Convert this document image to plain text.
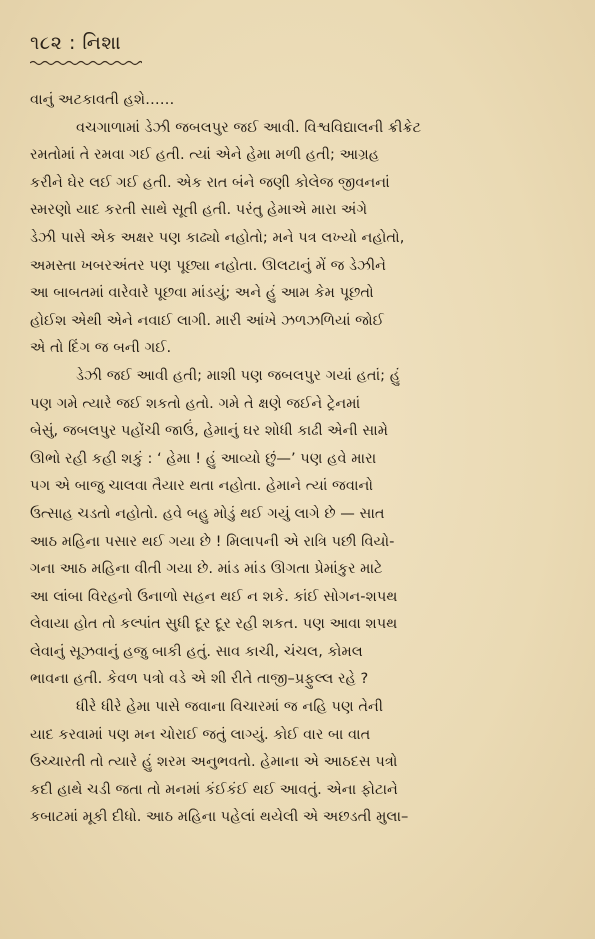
૧૮૨ : નિશા
વાનું અટકાવતી હશે……
વચગાળામાં ડેઝી જબલપુર જઈ આવી. વિશ્વવિદ્યાલની ક્રીક્રેટ
રમતોમાં તે રમવા ગઈ હતી. ત્યાં એને હેમા મળી હતી; આગ્રહ
કરીને ઘેર લઈ ગઈ હતી. એક રાત બંને જણી કોલેજ જીવનનાં
સ્મરણો યાદ કરતી સાથે સૂતી હતી. પરંતુ હેમાએ મારા અંગે
ડેઝી પાસે એક અક્ષર પણ કાઢ્યો નહોતો; મને પત્ર લખ્યો નહોતો,
અમસ્તા ખબરઅંતર પણ પૂછ્યા નહોતા. ઊલટાનું મેં જ ડેઝીને
આ બાબતમાં વારેવારે પૂછવા માંડયું; અને હું આમ કેમ પૂછતો
હોઈશ એથી એને નવાઈ લાગી. મારી આંખે ઝળઝળિયાં જોઈ
એ તો દિંગ જ બની ગઈ.
ડેઝી જઈ આવી હતી; માશી પણ જબલપુર ગયાં હતાં; હું
પણ ગમે ત્યારે જઈ શકતો હતો. ગમે તે ક્ષણે જઈને ટ્રેનમાં
બેસું, જબલપુર પહોંચી જાઉં, હેમાનું ઘર શોધી કાઢી એની સામે
ઊભો રહી કહી શકું : ‘ હેમા ! હું આવ્યો છું—’ પણ હવે મારા
પગ એ બાજુ ચાલવા તૈયાર થતા નહોતા. હેમાને ત્યાં જવાનો
ઉત્સાહ ચડતો નહોતો. હવે બહુ મોડું થઈ ગયું લાગે છે — સાત
આઠ મહિના પસાર થઈ ગયા છે ! મિલાપની એ રાત્રિ પછી વિયો-
ગના આઠ મહિના વીતી ગયા છે. માંડ માંડ ઊગતા પ્રેમાંકુર માટે
આ લાંબા વિરહનો ઉનાળો સહન થઈ ન શકે. કાંઈ સોગન-શપથ
લેવાયા હોત તો કલ્પાંત સુધી દૂર દૂર રહી શકત. પણ આવા શપથ
લેવાનું સૂઝવાનું હજુ બાકી હતું. સાવ કાચી, ચંચલ, કોમલ
ભાવના હતી. કેવળ પત્રો વડે એ શી રીતે તાજી–પ્રફુલ્લ રહે ?
ધીરે ધીરે હેમા પાસે જવાના વિચારમાં જ નહિ પણ તેની
યાદ કરવામાં પણ મન ચોરાઈ જતું લાગ્યું. કોઈ વાર બા વાત
ઉચ્ચારતી તો ત્યારે હું શરમ અનુભવતો. હેમાના એ આઠદસ પત્રો
કદી હાથે ચડી જતા તો મનમાં કંઈકંઈ થઈ આવતું. એના ફોટાને
કબાટમાં મૂકી દીધો. આઠ મહિના પહેલાં થયેલી એ અછડતી મુલા–
